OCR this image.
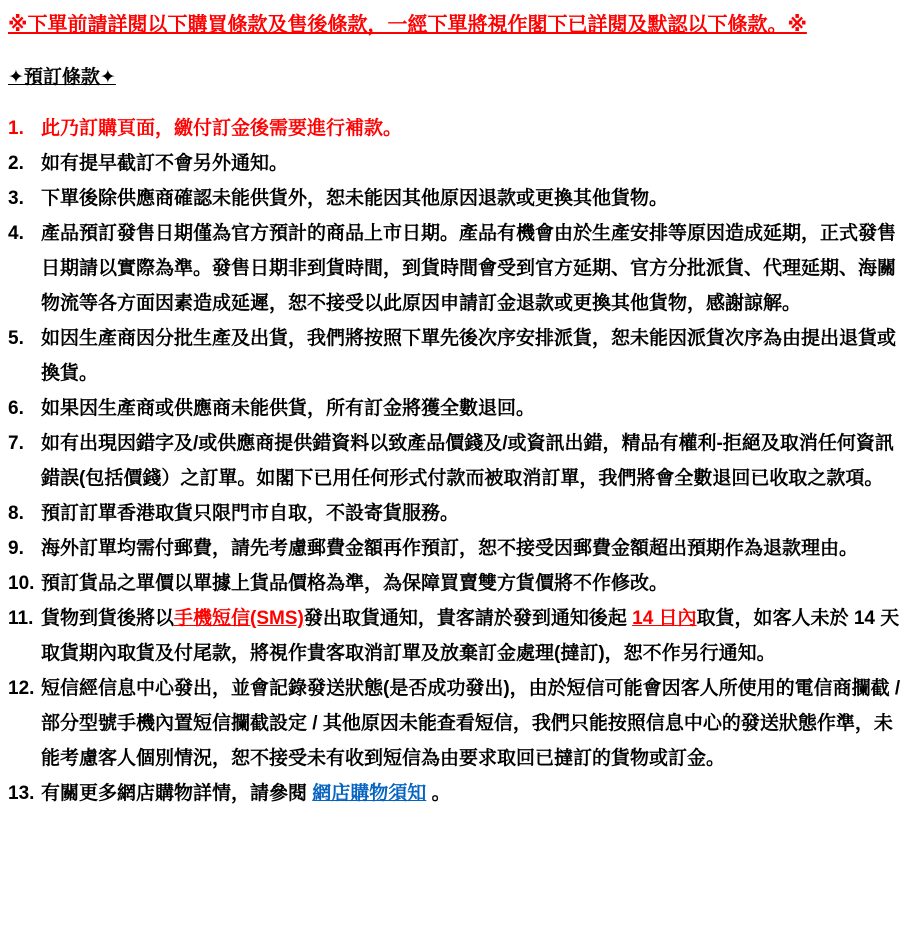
※下單前請詳閱以下購買條款及售後條款，一經下單將視作閣下已詳閱及默認以下條款。※
✦預訂條款✦
1. 此乃訂購頁面，繳付訂金後需要進行補款。
2. 如有提早截訂不會另外通知。
3. 下單後除供應商確認未能供貨外，恕未能因其他原因退款或更換其他貨物。
4. 產品預訂發售日期僅為官方預計的商品上市日期。產品有機會由於生產安排等原因造成延期，正式發售日期請以實際為準。發售日期非到貨時間，到貨時間會受到官方延期、官方分批派貨、代理延期、海關物流等各方面因素造成延遲，恕不接受以此原因申請訂金退款或更換其他貨物，感謝諒解。
5. 如因生產商因分批生產及出貨，我們將按照下單先後次序安排派貨，恕未能因派貨次序為由提出退貨或換貨。
6. 如果因生產商或供應商未能供貨，所有訂金將獲全數退回。
7. 如有出現因錯字及/或供應商提供錯資料以致產品價錢及/或資訊出錯，精品有權利-拒絕及取消任何資訊錯誤(包括價錢）之訂單。如閣下已用任何形式付款而被取消訂單，我們將會全數退回已收取之款項。
8. 預訂訂單香港取貨只限門市自取，不設寄貨服務。
9. 海外訂單均需付郵費，請先考慮郵費金額再作預訂，恕不接受因郵費金額超出預期作為退款理由。
10. 預訂貨品之單價以單據上貨品價格為準，為保障買賣雙方貨價將不作修改。
11. 貨物到貨後將以手機短信(SMS)發出取貨通知，貴客請於發到通知後起 14 日內取貨，如客人未於 14 天取貨期內取貨及付尾款，將視作貴客取消訂單及放棄訂金處理(撻訂)，恕不作另行通知。
12. 短信經信息中心發出，並會記錄發送狀態(是否成功發出)，由於短信可能會因客人所使用的電信商攔截 / 部分型號手機內置短信攔截設定 / 其他原因未能查看短信，我們只能按照信息中心的發送狀態作準，未能考慮客人個別情況，恕不接受未有收到短信為由要求取回已撻訂的貨物或訂金。
13. 有關更多網店購物詳情，請參閱 網店購物須知 。
